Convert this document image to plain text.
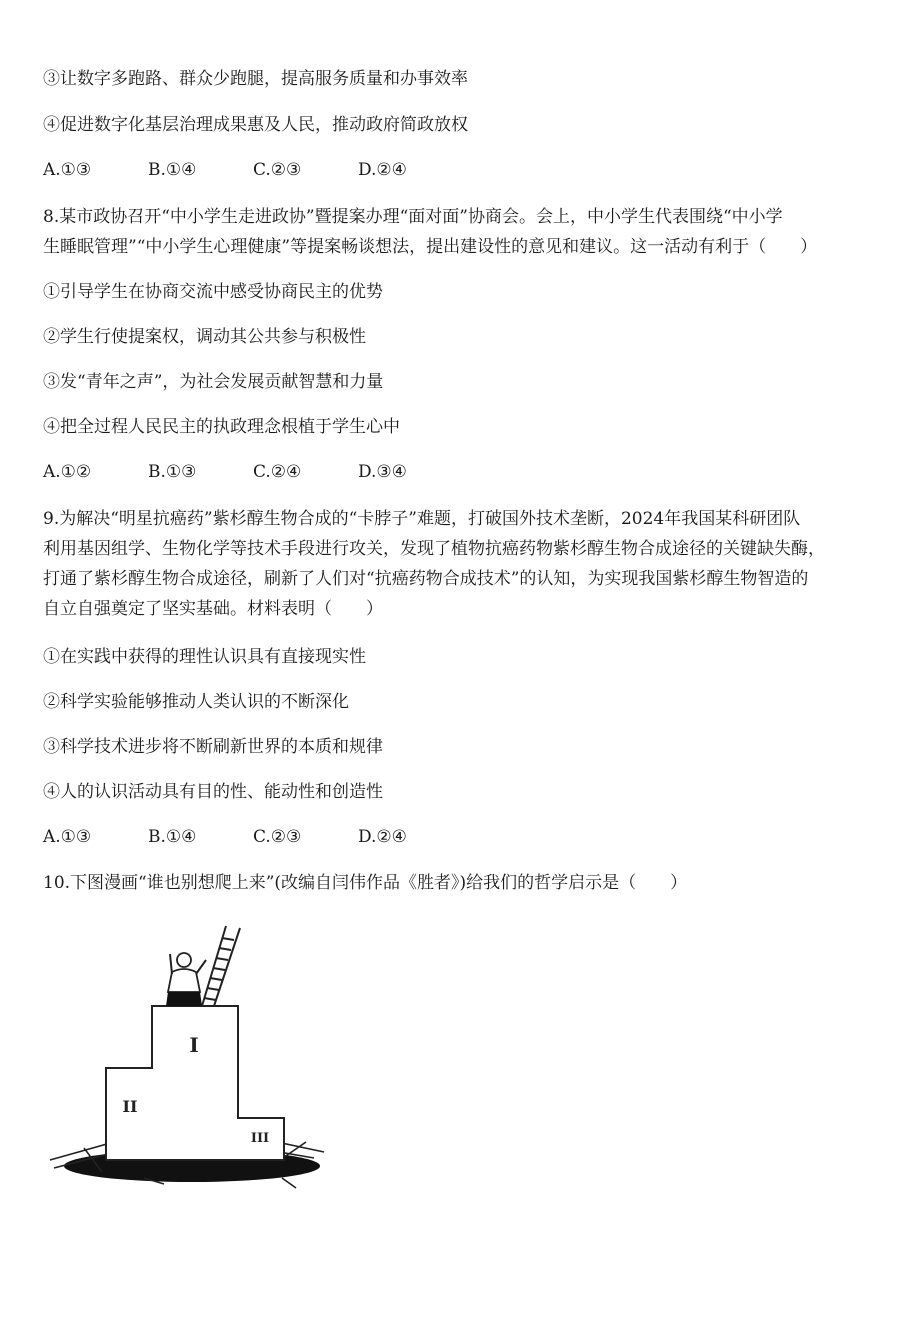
③让数字多跑路、群众少跑腿，提高服务质量和办事效率
④促进数字化基层治理成果惠及人民，推动政府简政放权
A.①③	B.①④	C.②③	D.②④
8.某市政协召开“中小学生走进政协”暨提案办理“面对面”协商会。会上，中小学生代表围绕“中小学
生睡眠管理”“中小学生心理健康”等提案畅谈想法，提出建设性的意见和建议。这一活动有利于（　　）
①引导学生在协商交流中感受协商民主的优势
②学生行使提案权，调动其公共参与积极性
③发“青年之声”，为社会发展贡献智慧和力量
④把全过程人民民主的执政理念根植于学生心中
A.①②	B.①③	C.②④	D.③④
9.为解决“明星抗癌药”紫杉醇生物合成的“卡脖子”难题，打破国外技术垄断，2024年我国某科研团队
利用基因组学、生物化学等技术手段进行攻关，发现了植物抗癌药物紫杉醇生物合成途径的关键缺失酶，
打通了紫杉醇生物合成途径，刷新了人们对“抗癌药物合成技术”的认知，为实现我国紫杉醇生物智造的
自立自强奠定了坚实基础。材料表明（　　）
①在实践中获得的理性认识具有直接现实性
②科学实验能够推动人类认识的不断深化
③科学技术进步将不断刷新世界的本质和规律
④人的认识活动具有目的性、能动性和创造性
A.①③	B.①④	C.②③	D.②④
10.下图漫画“谁也别想爬上来”(改编自闫伟作品《胜者》)给我们的哲学启示是（　　）
I
II
III
